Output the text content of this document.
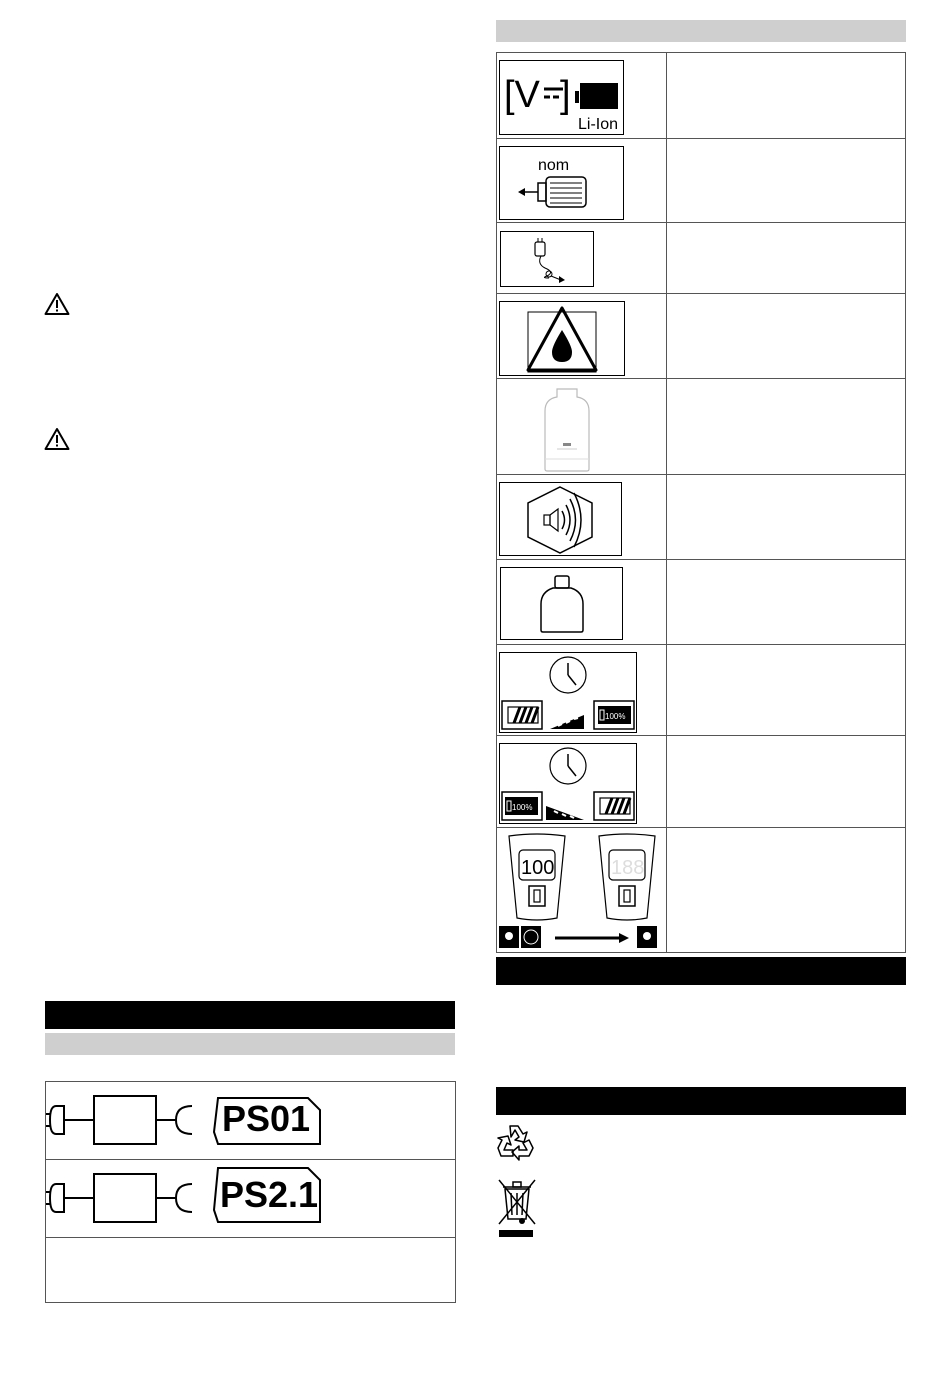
PS01
PS2.1
[V ]
Li-Ion
nom
100%
100%
100	188
